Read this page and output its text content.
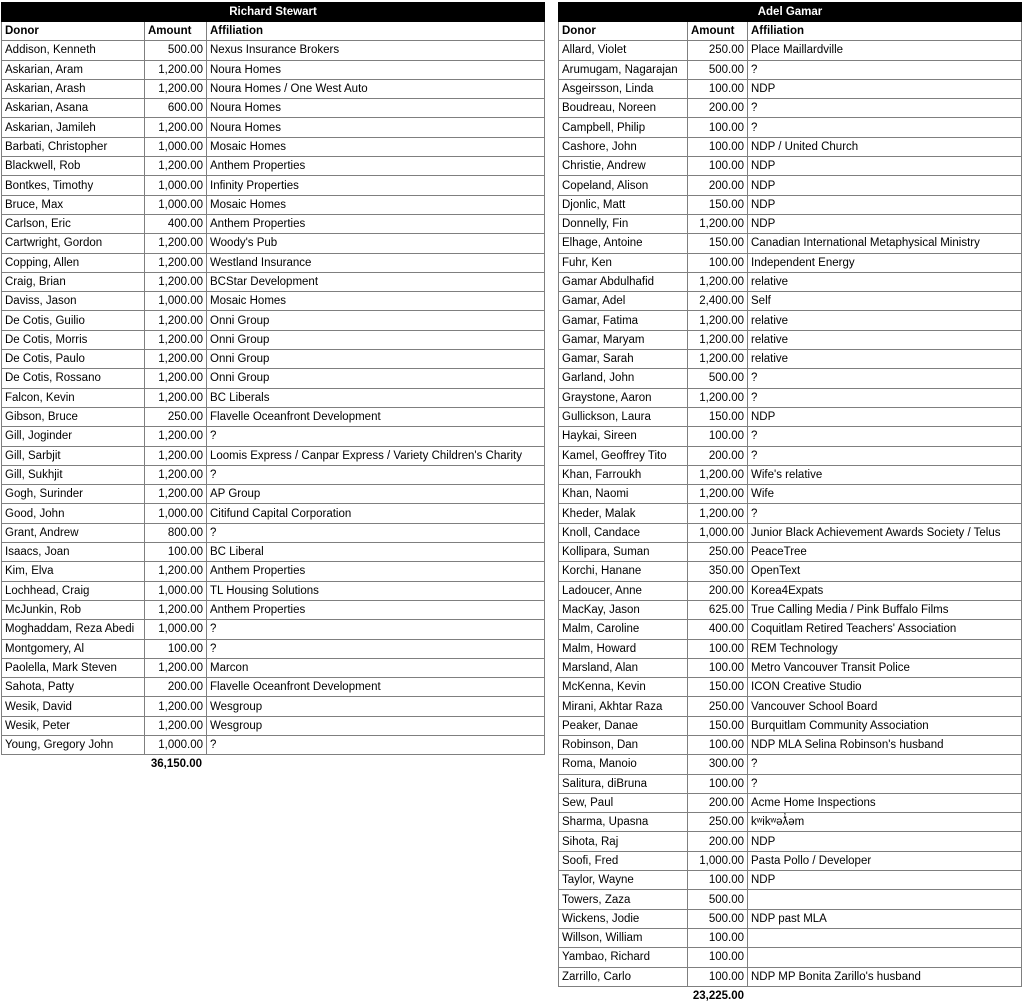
Richard Stewart		
Donor	Amount	Affiliation
Addison, Kenneth	500.00	Nexus Insurance Brokers
Askarian, Aram	1,200.00	Noura Homes
Askarian, Arash	1,200.00	Noura Homes / One West Auto
Askarian, Asana	600.00	Noura Homes
Askarian, Jamileh	1,200.00	Noura Homes
Barbati, Christopher	1,000.00	Mosaic Homes
Blackwell, Rob	1,200.00	Anthem Properties
Bontkes, Timothy	1,000.00	Infinity Properties
Bruce, Max	1,000.00	Mosaic Homes
Carlson, Eric	400.00	Anthem Properties
Cartwright, Gordon	1,200.00	Woody's Pub
Copping, Allen	1,200.00	Westland Insurance
Craig, Brian	1,200.00	BCStar Development
Daviss, Jason	1,000.00	Mosaic Homes
De Cotis, Guilio	1,200.00	Onni Group
De Cotis, Morris	1,200.00	Onni Group
De Cotis, Paulo	1,200.00	Onni Group
De Cotis, Rossano	1,200.00	Onni Group
Falcon, Kevin	1,200.00	BC Liberals
Gibson, Bruce	250.00	Flavelle Oceanfront Development
Gill, Joginder	1,200.00	?
Gill, Sarbjit	1,200.00	Loomis Express / Canpar Express / Variety Children's Charity
Gill, Sukhjit	1,200.00	?
Gogh, Surinder	1,200.00	AP Group
Good, John	1,000.00	Citifund Capital Corporation
Grant, Andrew	800.00	?
Isaacs, Joan	100.00	BC Liberal
Kim, Elva	1,200.00	Anthem Properties
Lochhead, Craig	1,000.00	TL Housing Solutions
McJunkin, Rob	1,200.00	Anthem Properties
Moghaddam, Reza Abedi	1,000.00	?
Montgomery, Al	100.00	?
Paolella, Mark Steven	1,200.00	Marcon
Sahota, Patty	200.00	Flavelle Oceanfront Development
Wesik, David	1,200.00	Wesgroup
Wesik, Peter	1,200.00	Wesgroup
Young, Gregory John	1,000.00	?
36,150.00
Adel Gamar		
Donor	Amount	Affiliation
Allard, Violet	250.00	Place Maillardville
Arumugam, Nagarajan	500.00	?
Asgeirsson, Linda	100.00	NDP
Boudreau, Noreen	200.00	?
Campbell, Philip	100.00	?
Cashore, John	100.00	NDP / United Church
Christie, Andrew	100.00	NDP
Copeland, Alison	200.00	NDP
Djonlic, Matt	150.00	NDP
Donnelly, Fin	1,200.00	NDP
Elhage, Antoine	150.00	Canadian International Metaphysical Ministry
Fuhr, Ken	100.00	Independent Energy
Gamar Abdulhafid	1,200.00	relative
Gamar, Adel	2,400.00	Self
Gamar, Fatima	1,200.00	relative
Gamar, Maryam	1,200.00	relative
Gamar, Sarah	1,200.00	relative
Garland, John	500.00	?
Graystone, Aaron	1,200.00	?
Gullickson, Laura	150.00	NDP
Haykai, Sireen	100.00	?
Kamel, Geoffrey Tito	200.00	?
Khan, Farroukh	1,200.00	Wife's relative
Khan, Naomi	1,200.00	Wife
Kheder, Malak	1,200.00	?
Knoll, Candace	1,000.00	Junior Black Achievement Awards Society / Telus
Kollipara, Suman	250.00	PeaceTree
Korchi, Hanane	350.00	OpenText
Ladoucer, Anne	200.00	Korea4Expats
MacKay, Jason	625.00	True Calling Media / Pink Buffalo Films
Malm, Caroline	400.00	Coquitlam Retired Teachers' Association
Malm, Howard	100.00	REM Technology
Marsland, Alan	100.00	Metro Vancouver Transit Police
McKenna, Kevin	150.00	ICON Creative Studio
Mirani, Akhtar Raza	250.00	Vancouver School Board
Peaker, Danae	150.00	Burquitlam Community Association
Robinson, Dan	100.00	NDP MLA Selina Robinson's husband
Roma, Manoio	300.00	?
Salitura, diBruna	100.00	?
Sew, Paul	200.00	Acme Home Inspections
Sharma, Upasna	250.00	kʷikʷəƛ̓əm
Sihota, Raj	200.00	NDP
Soofi, Fred	1,000.00	Pasta Pollo / Developer
Taylor, Wayne	100.00	NDP
Towers, Zaza	500.00	
Wickens, Jodie	500.00	NDP past MLA
Willson, William	100.00	
Yambao, Richard	100.00	
Zarrillo, Carlo	100.00	NDP MP Bonita Zarillo's husband
23,225.00
